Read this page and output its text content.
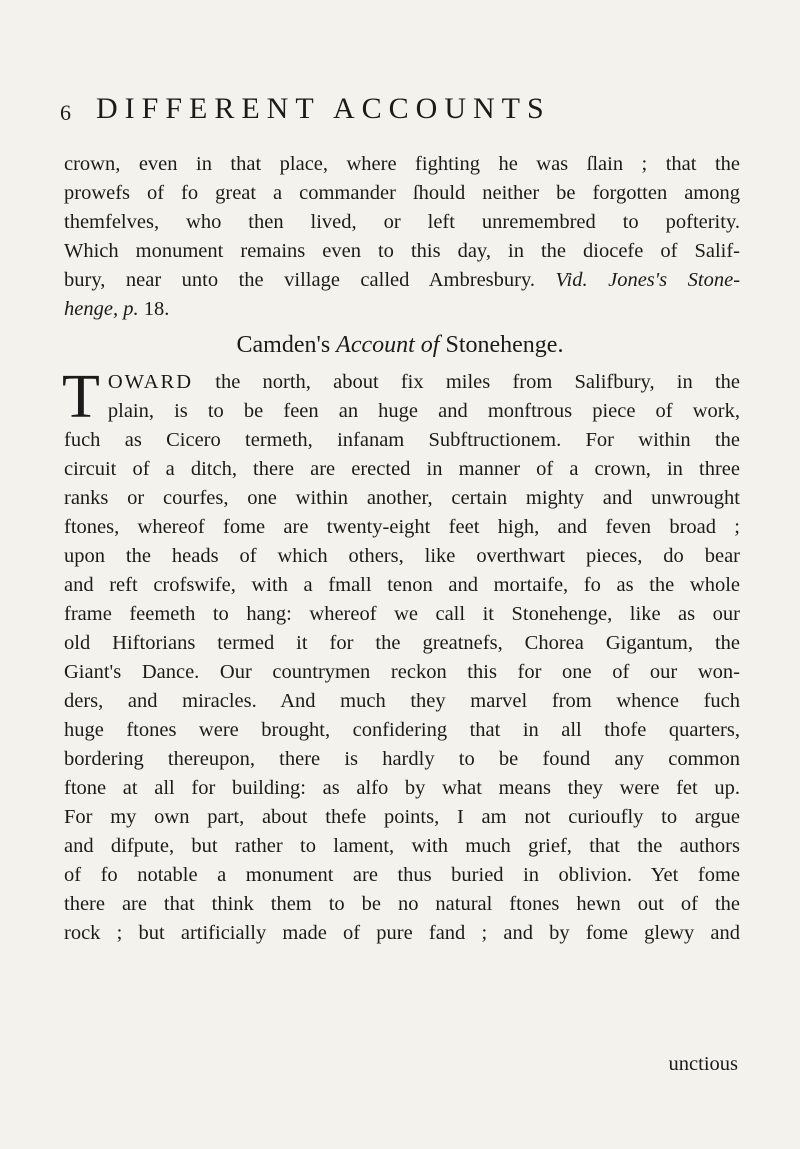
6 DIFFERENT ACCOUNTS
crown, even in that place, where fighting he was ſlain ; that the
prowefs of fo great a commander ſhould neither be forgotten among
themfelves, who then lived, or left unremembred to pofterity.
Which monument remains even to this day, in the diocefe of Salif-
bury, near unto the village called Ambresbury. Vid. Jones's Stone-
henge, p. 18.
Camden's Account of Stonehenge.
T OWARD the north, about fix miles from Salifbury, in the
plain, is to be feen an huge and monftrous piece of work,
fuch as Cicero termeth, infanam Subftructionem. For within the
circuit of a ditch, there are erected in manner of a crown, in three
ranks or courfes, one within another, certain mighty and unwrought
ftones, whereof fome are twenty-eight feet high, and feven broad ;
upon the heads of which others, like overthwart pieces, do bear
and reft crofswife, with a fmall tenon and mortaife, fo as the whole
frame feemeth to hang: whereof we call it Stonehenge, like as our
old Hiftorians termed it for the greatnefs, Chorea Gigantum, the
Giant's Dance. Our countrymen reckon this for one of our won-
ders, and miracles. And much they marvel from whence fuch
huge ftones were brought, confidering that in all thofe quarters,
bordering thereupon, there is hardly to be found any common
ftone at all for building: as alfo by what means they were fet up.
For my own part, about thefe points, I am not curioufly to argue
and difpute, but rather to lament, with much grief, that the authors
of fo notable a monument are thus buried in oblivion. Yet fome
there are that think them to be no natural ftones hewn out of the
rock ; but artificially made of pure fand ; and by fome glewy and
unctious
